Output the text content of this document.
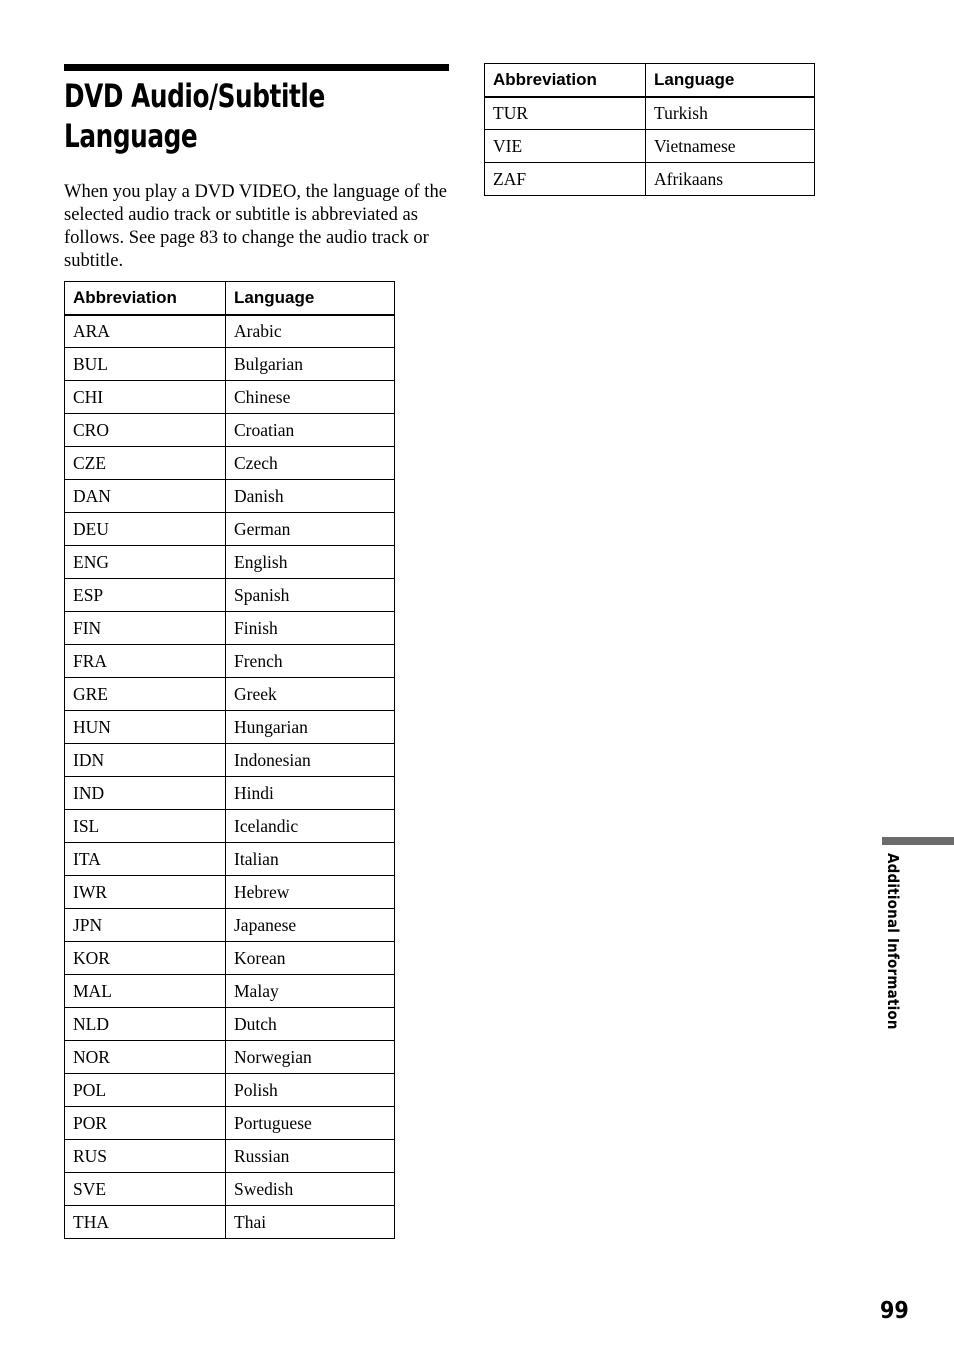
DVD Audio/Subtitle
Language

When you play a DVD VIDEO, the language of the selected audio track or subtitle is abbreviated as follows. See page 83 to change the audio track or subtitle.

Abbreviation	Language
ARA	Arabic
BUL	Bulgarian
CHI	Chinese
CRO	Croatian
CZE	Czech
DAN	Danish
DEU	German
ENG	English
ESP	Spanish
FIN	Finish
FRA	French
GRE	Greek
HUN	Hungarian
IDN	Indonesian
IND	Hindi
ISL	Icelandic
ITA	Italian
IWR	Hebrew
JPN	Japanese
KOR	Korean
MAL	Malay
NLD	Dutch
NOR	Norwegian
POL	Polish
POR	Portuguese
RUS	Russian
SVE	Swedish
THA	Thai
Abbreviation	Language
TUR	Turkish
VIE	Vietnamese
ZAF	Afrikaans
Additional Information
99
